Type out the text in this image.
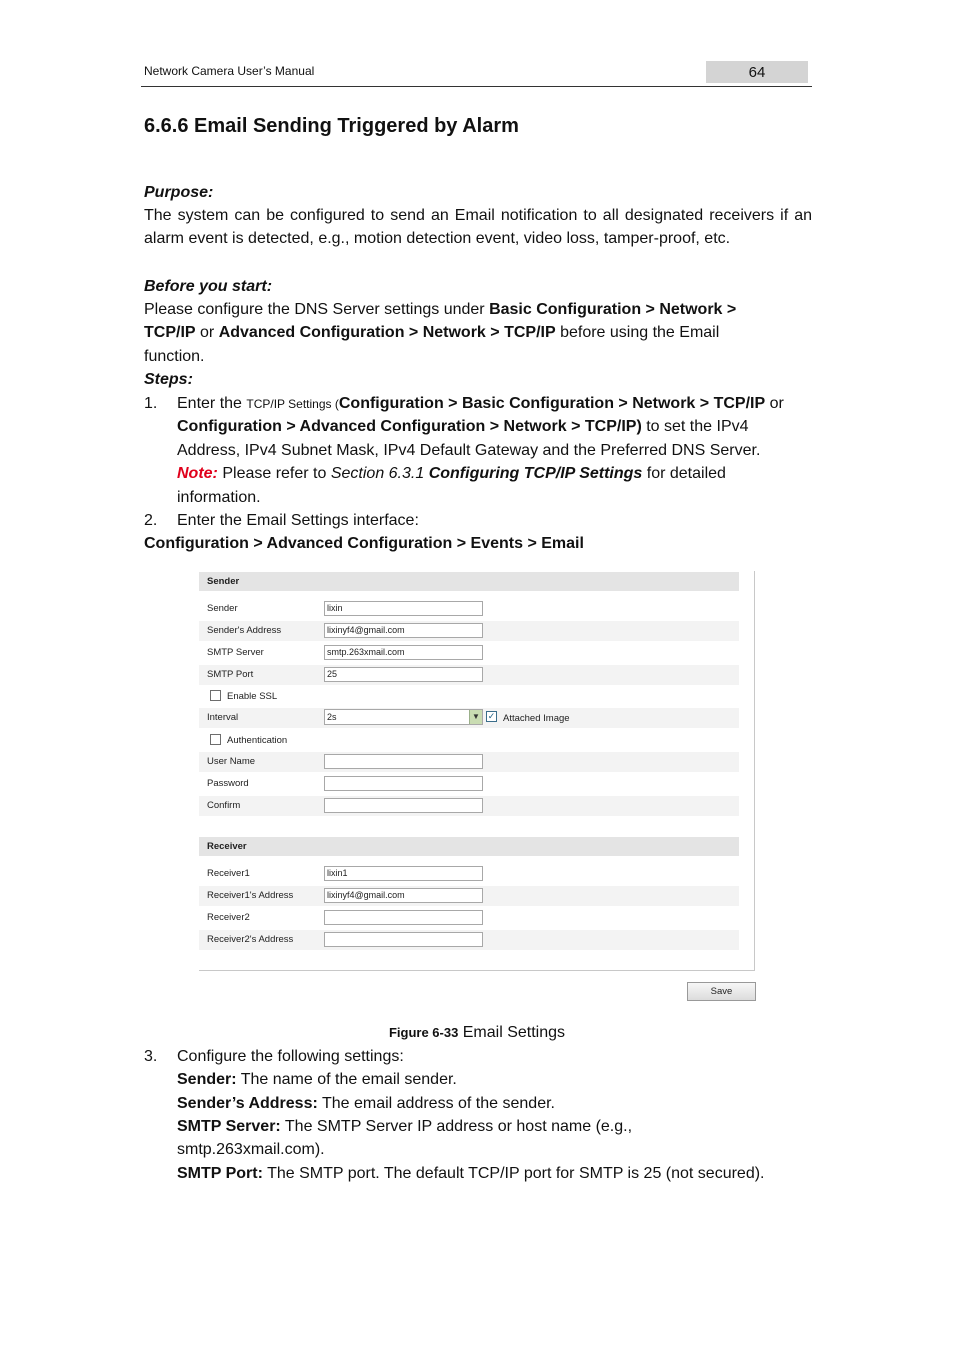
Network Camera User’s Manual	64
6.6.6 Email Sending Triggered by Alarm
Purpose:
The system can be configured to send an Email notification to all designated receivers if an alarm event is detected, e.g., motion detection event, video loss, tamper-proof, etc.
Before you start:
Please configure the DNS Server settings under Basic Configuration > Network >
TCP/IP or Advanced Configuration > Network > TCP/IP before using the Email
function.
Steps:
1. Enter the TCP/IP Settings (Configuration > Basic Configuration > Network > TCP/IP or
Configuration > Advanced Configuration > Network > TCP/IP) to set the IPv4
Address, IPv4 Subnet Mask, IPv4 Default Gateway and the Preferred DNS Server.
Note: Please refer to Section 6.3.1 Configuring TCP/IP Settings for detailed
information.
2. Enter the Email Settings interface:
Configuration > Advanced Configuration > Events > Email
Sender
Sender	lixin
Sender's Address	lixinyf4@gmail.com
SMTP Server	smtp.263xmail.com
SMTP Port	25
Enable SSL
Interval	2s	▼ ✓ Attached Image
Authentication
User Name
Password
Confirm
Receiver
Receiver1	lixin1
Receiver1's Address	lixinyf4@gmail.com
Receiver2
Receiver2's Address
Save
Figure 6-33 Email Settings
3. Configure the following settings:
Sender: The name of the email sender.
Sender’s Address: The email address of the sender.
SMTP Server: The SMTP Server IP address or host name (e.g.,
smtp.263xmail.com).
SMTP Port: The SMTP port. The default TCP/IP port for SMTP is 25 (not secured).
